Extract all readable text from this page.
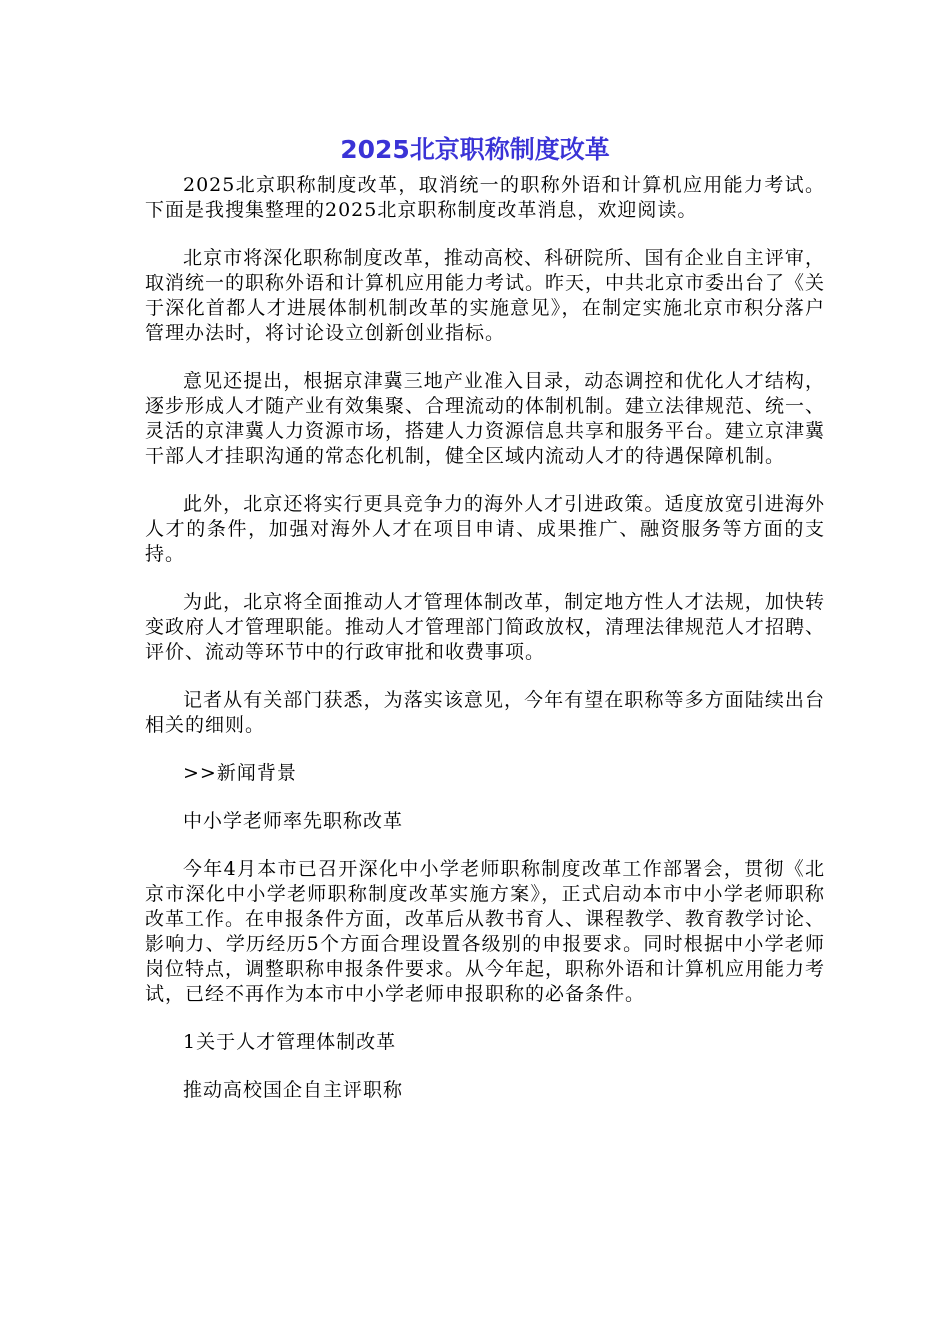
2025北京职称制度改革

2025北京职称制度改革，取消统一的职称外语和计算机应用能力考试。下面是我搜集整理的2025北京职称制度改革消息，欢迎阅读。

北京市将深化职称制度改革，推动高校、科研院所、国有企业自主评审，取消统一的职称外语和计算机应用能力考试。昨天，中共北京市委出台了《关于深化首都人才进展体制机制改革的实施意见》，在制定实施北京市积分落户管理办法时，将讨论设立创新创业指标。

意见还提出，根据京津冀三地产业准入目录，动态调控和优化人才结构，逐步形成人才随产业有效集聚、合理流动的体制机制。建立法律规范、统一、灵活的京津冀人力资源市场，搭建人力资源信息共享和服务平台。建立京津冀干部人才挂职沟通的常态化机制，健全区域内流动人才的待遇保障机制。

此外，北京还将实行更具竞争力的海外人才引进政策。适度放宽引进海外人才的条件，加强对海外人才在项目申请、成果推广、融资服务等方面的支持。

为此，北京将全面推动人才管理体制改革，制定地方性人才法规，加快转变政府人才管理职能。推动人才管理部门简政放权，清理法律规范人才招聘、评价、流动等环节中的行政审批和收费事项。

记者从有关部门获悉，为落实该意见，今年有望在职称等多方面陆续出台相关的细则。

>>新闻背景

中小学老师率先职称改革

今年4月本市已召开深化中小学老师职称制度改革工作部署会，贯彻《北京市深化中小学老师职称制度改革实施方案》，正式启动本市中小学老师职称改革工作。在申报条件方面，改革后从教书育人、课程教学、教育教学讨论、影响力、学历经历5个方面合理设置各级别的申报要求。同时根据中小学老师岗位特点，调整职称申报条件要求。从今年起，职称外语和计算机应用能力考试，已经不再作为本市中小学老师申报职称的必备条件。

1关于人才管理体制改革

推动高校国企自主评职称
